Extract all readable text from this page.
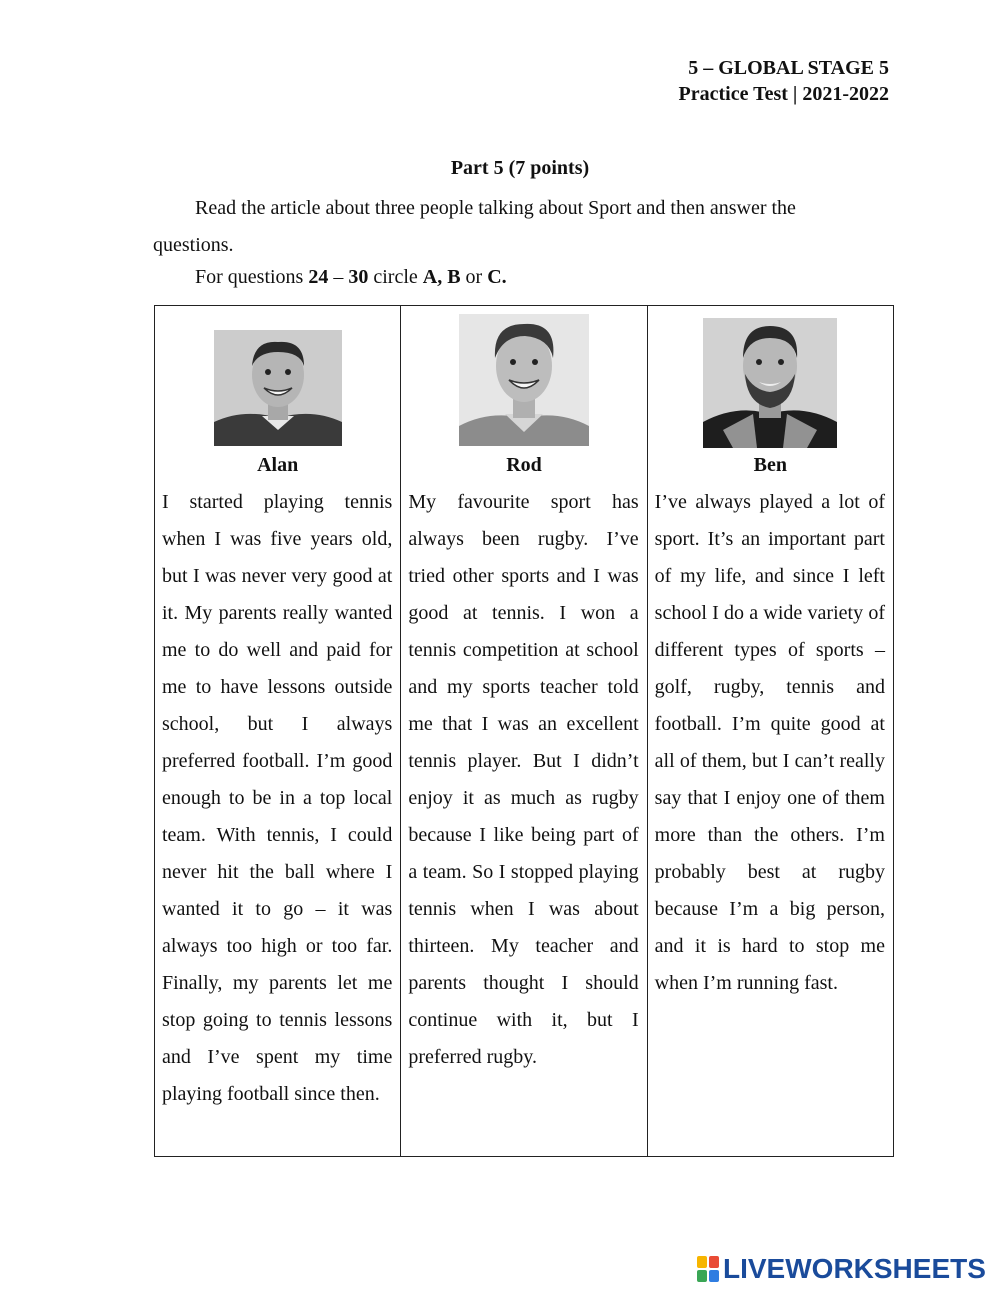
5 – GLOBAL STAGE 5
Practice Test | 2021-2022
Part 5 (7 points)

Read the article about three people talking about Sport and then answer the questions.

For questions 24 – 30 circle A, B or C.
Alan
I started playing tennis when I was five years old, but I was never very good at it. My parents really wanted me to do well and paid for me to have lessons outside school, but I always preferred football. I’m good enough to be in a top local team. With tennis, I could never hit the ball where I wanted it to go – it was always too high or too far. Finally, my parents let me stop going to tennis lessons and I’ve spent my time playing football since then.
Rod
My favourite sport has always been rugby. I’ve tried other sports and I was good at tennis. I won a tennis competition at school and my sports teacher told me that I was an excellent tennis player. But I didn’t enjoy it as much as rugby because I like being part of a team. So I stopped playing tennis when I was about thirteen. My teacher and parents thought I should continue with it, but I preferred rugby.
Ben
I’ve always played a lot of sport. It’s an important part of my life, and since I left school I do a wide variety of different types of sports – golf, rugby, tennis and football. I’m quite good at all of them, but I can’t really say that I enjoy one of them more than the others. I’m probably best at rugby because I’m a big person, and it is hard to stop me when I’m running fast.
LIVEWORKSHEETS
